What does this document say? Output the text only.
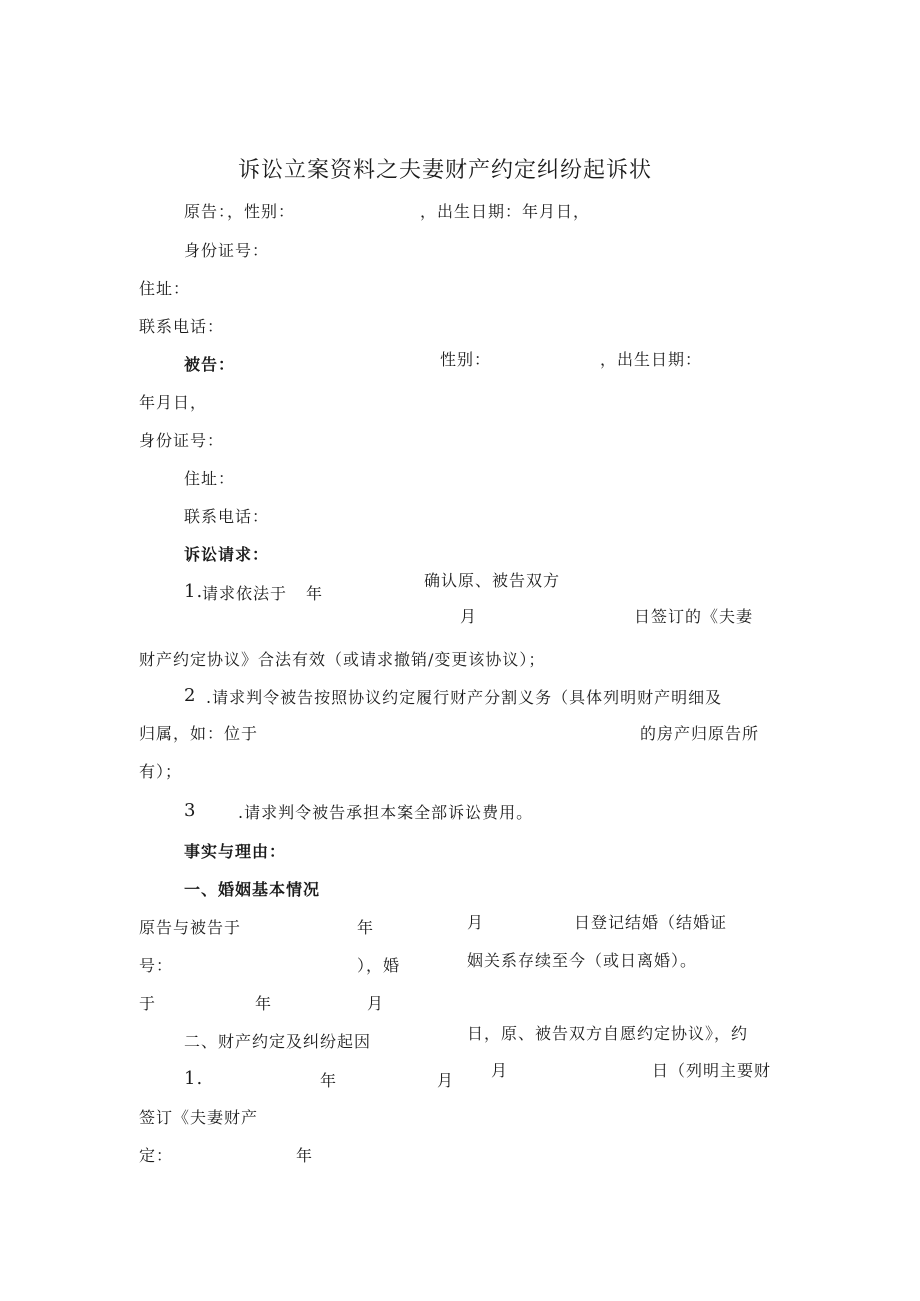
诉讼立案资料之夫妻财产约定纠纷起诉状
原告：，性别：	，出生日期：年月日，
身份证号：
住址：
联系电话：
被告：	性别：	，出生日期：
年月日，
身份证号：
住址：
联系电话：
诉讼请求：
1.
请求依法于 年
确认原、被告双方
月	日签订的《夫妻
财产约定协议》合法有效（或请求撤销/变更该协议）；
2 .请求判令被告按照协议约定履行财产分割义务（具体列明财产明细及
归属，如：位于	的房产归原告所
有）；
3	.请求判令被告承担本案全部诉讼费用。
事实与理由：
一、婚姻基本情况
原告与被告于	年	月	日登记结婚（结婚证
号：	），婚	姻关系存续至今（或日离婚）。
于	年	月
二、财产约定及纠纷起因	日，原、被告双方自愿约定协议》，约
1.	年	月
月	日（列明主要财
签订《夫妻财产
定：	年
